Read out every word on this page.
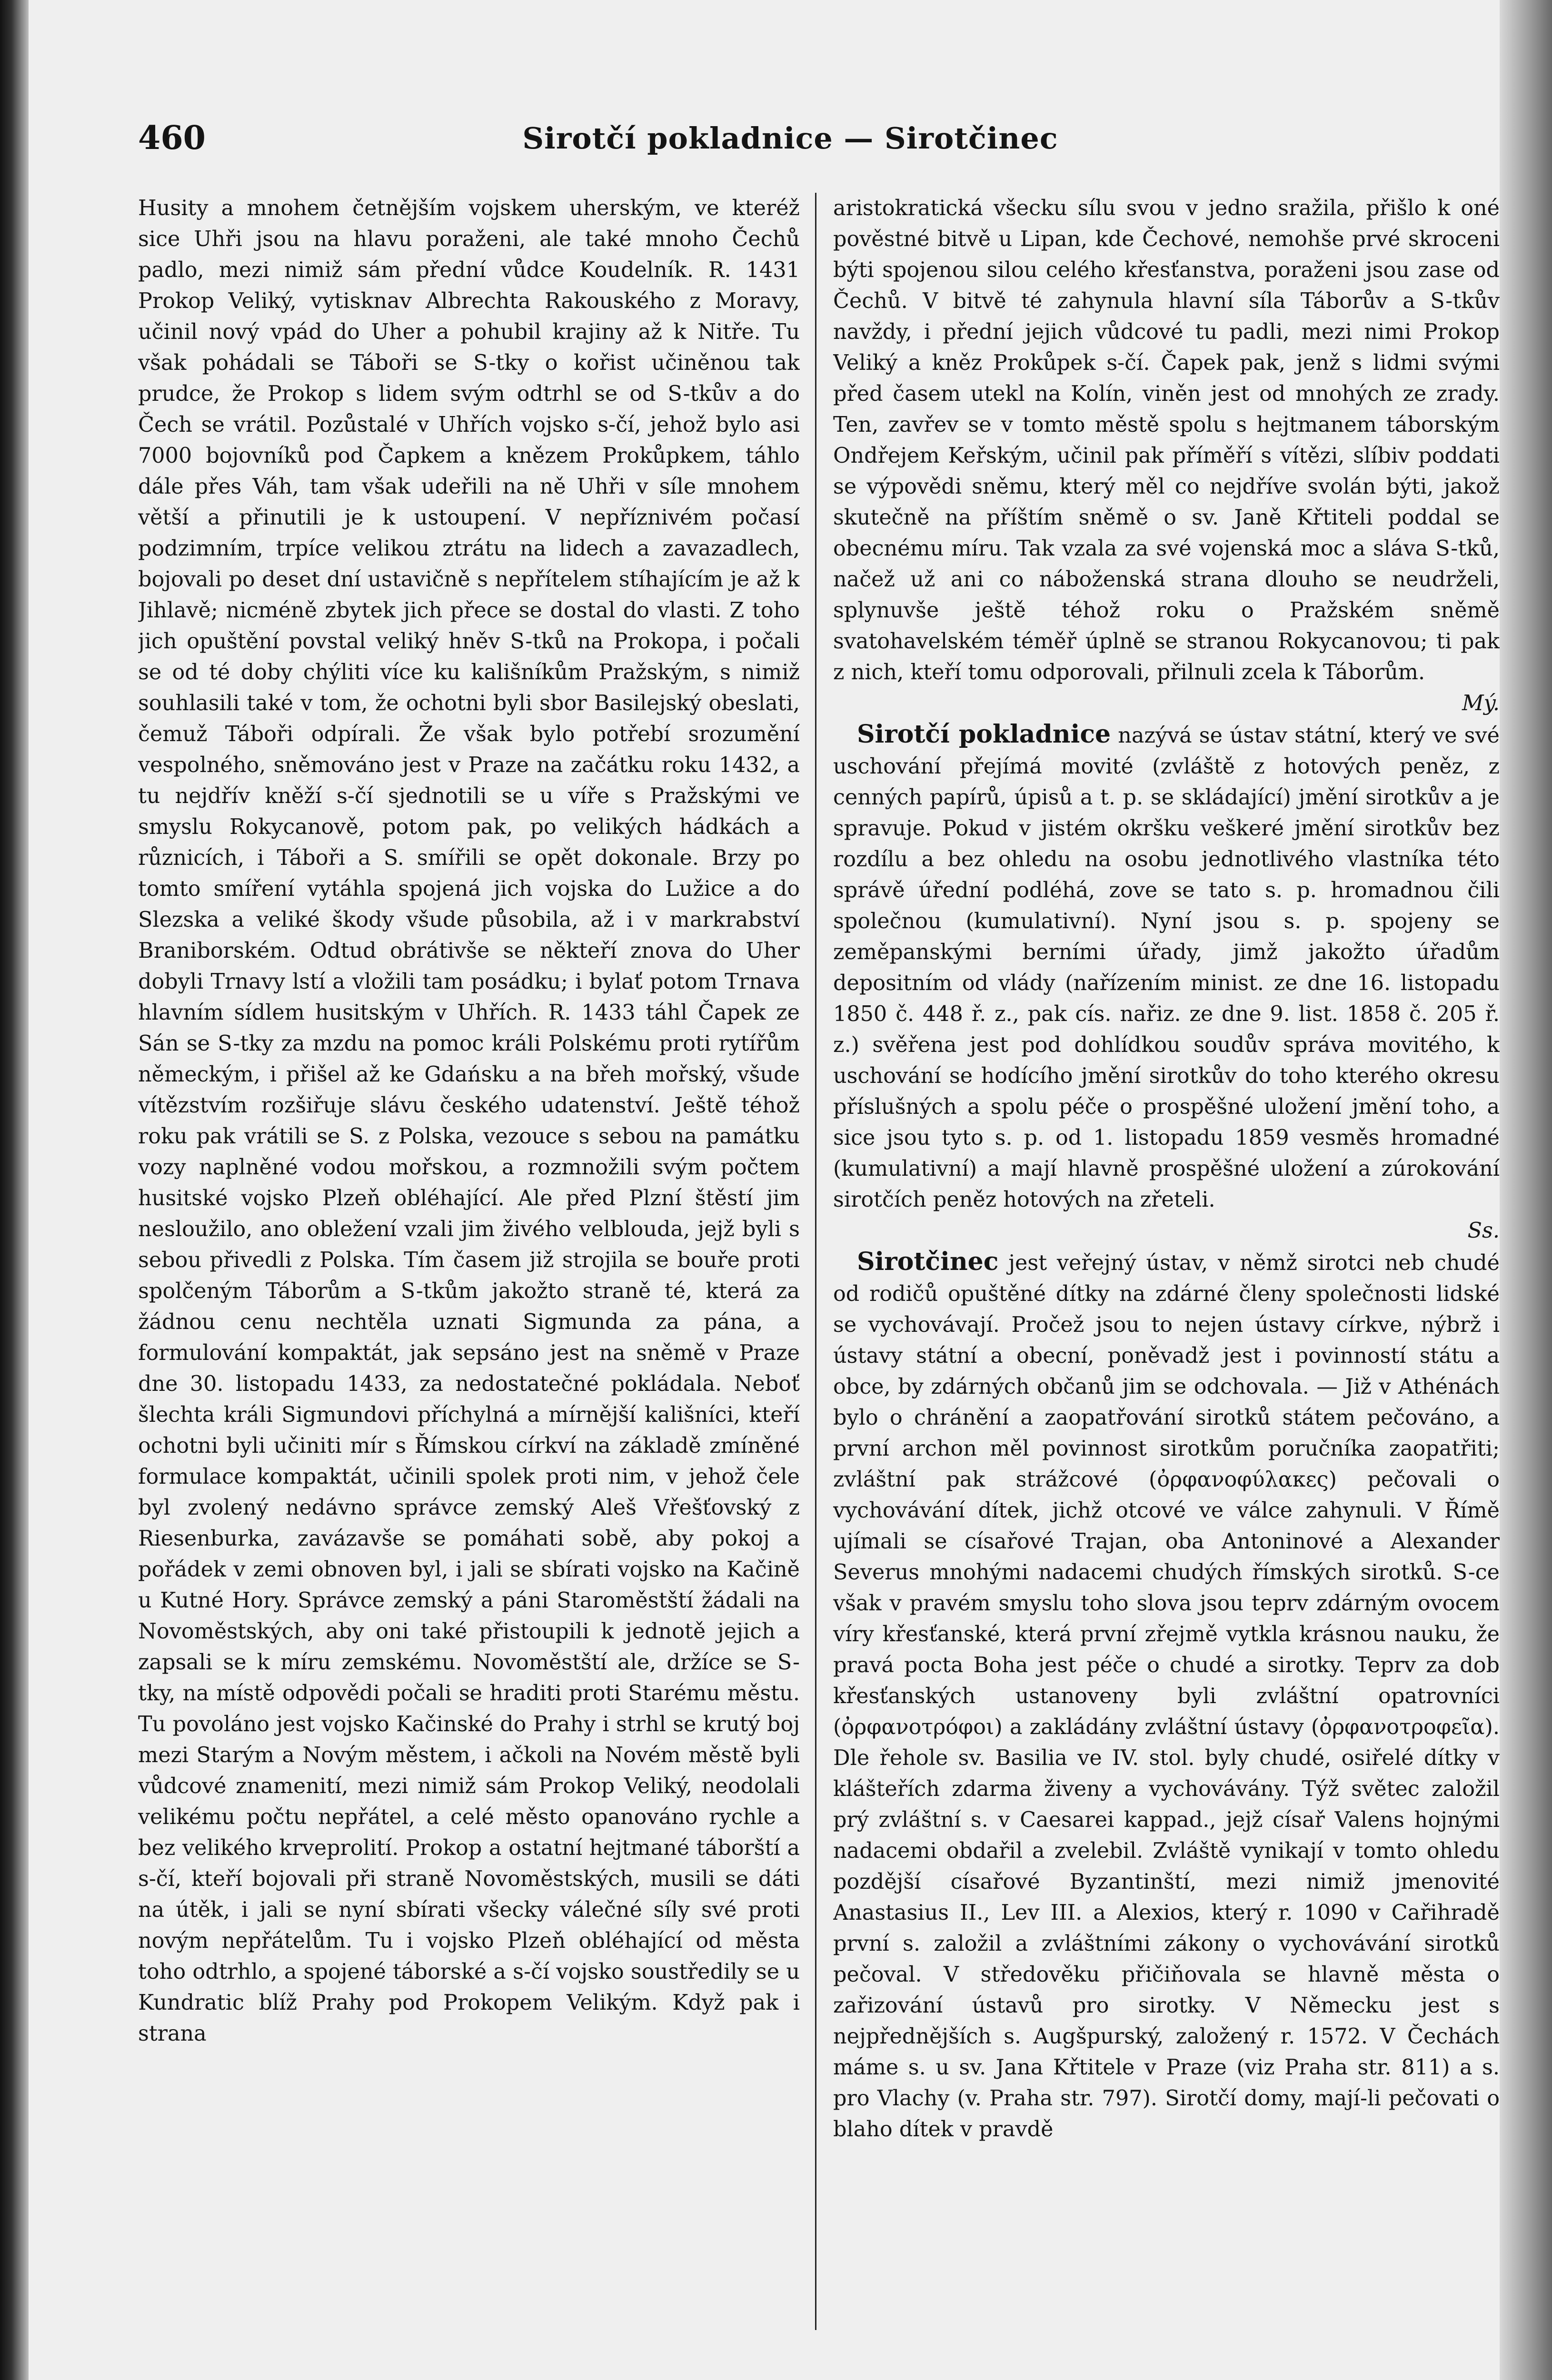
460	Sirotčí pokladnice — Sirotčinec

Husity a mnohem četnějším vojskem uherským, ve kteréž sice Uhři jsou na hlavu poraženi, ale také mnoho Čechů padlo, mezi nimiž sám přední vůdce Koudelník. R. 1431 Prokop Veliký, vytisknav Albrechta Rakouského z Moravy, učinil nový vpád do Uher a pohubil krajiny až k Nitře. Tu však pohádali se Táboři se S-tky o kořist učiněnou tak prudce, že Prokop s lidem svým odtrhl se od S-tkův a do Čech se vrátil. Pozůstalé v Uhřích vojsko s-čí, jehož bylo asi 7000 bojovníků pod Čapkem a knězem Prokůpkem, táhlo dále přes Váh, tam však udeřili na ně Uhři v síle mnohem větší a přinutili je k ustoupení. V nepříznivém počasí podzimním, trpíce velikou ztrátu na lidech a zavazadlech, bojovali po deset dní ustavičně s nepřítelem stíhajícím je až k Jihlavě; nicméně zbytek jich přece se dostal do vlasti. Z toho jich opuštění povstal veliký hněv S-tků na Prokopa, i počali se od té doby chýliti více ku kališníkům Pražským, s nimiž souhlasili také v tom, že ochotni byli sbor Basilejský obeslati, čemuž Táboři odpírali. Že však bylo potřebí srozumění vespolného, sněmováno jest v Praze na začátku roku 1432, a tu nejdřív kněží s-čí sjednotili se u víře s Pražskými ve smyslu Rokycanově, potom pak, po velikých hádkách a různicích, i Táboři a S. smířili se opět dokonale. Brzy po tomto smíření vytáhla spojená jich vojska do Lužice a do Slezska a veliké škody všude působila, až i v markrabství Braniborském. Odtud obrátivše se někteří znova do Uher dobyli Trnavy lstí a vložili tam posádku; i bylať potom Trnava hlavním sídlem husitským v Uhřích. R. 1433 táhl Čapek ze Sán se S-tky za mzdu na pomoc králi Polskému proti rytířům německým, i přišel až ke Gdańsku a na břeh mořský, všude vítězstvím rozšiřuje slávu českého udatenství. Ještě téhož roku pak vrátili se S. z Polska, vezouce s sebou na památku vozy naplněné vodou mořskou, a rozmnožili svým počtem husitské vojsko Plzeň obléhající. Ale před Plzní štěstí jim nesloužilo, ano obležení vzali jim živého velblouda, jejž byli s sebou přivedli z Polska. Tím časem již strojila se bouře proti spolčeným Táborům a S-tkům jakožto straně té, která za žádnou cenu nechtěla uznati Sigmunda za pána, a formulování kompaktát, jak sepsáno jest na sněmě v Praze dne 30. listopadu 1433, za nedostatečné pokládala. Neboť šlechta králi Sigmundovi příchylná a mírnější kališníci, kteří ochotni byli učiniti mír s Římskou církví na základě zmíněné formulace kompaktát, učinili spolek proti nim, v jehož čele byl zvolený nedávno správce zemský Aleš Vřešťovský z Riesenburka, zavázavše se pomáhati sobě, aby pokoj a pořádek v zemi obnoven byl, i jali se sbírati vojsko na Kačině u Kutné Hory. Správce zemský a páni Staroměstští žádali na Novoměstských, aby oni také přistoupili k jednotě jejich a zapsali se k míru zemskému. Novoměstští ale, držíce se S-tky, na místě odpovědi počali se hraditi proti Starému městu. Tu povoláno jest vojsko Kačinské do Prahy i strhl se krutý boj mezi Starým a Novým městem, i ačkoli na Novém městě byli vůdcové znamenití, mezi nimiž sám Prokop Veliký, neodolali velikému počtu nepřátel, a celé město opanováno rychle a bez velikého krveprolití. Prokop a ostatní hejtmané táborští a s-čí, kteří bojovali při straně Novoměstských, musili se dáti na útěk, i jali se nyní sbírati všecky válečné síly své proti novým nepřátelům. Tu i vojsko Plzeň obléhající od města toho odtrhlo, a spojené táborské a s-čí vojsko soustředily se u Kundratic blíž Prahy pod Prokopem Velikým. Když pak i strana

aristokratická všecku sílu svou v jedno sražila, přišlo k oné pověstné bitvě u Lipan, kde Čechové, nemohše prvé skroceni býti spojenou silou celého křesťanstva, poraženi jsou zase od Čechů. V bitvě té zahynula hlavní síla Táborův a S-tkův navždy, i přední jejich vůdcové tu padli, mezi nimi Prokop Veliký a kněz Prokůpek s-čí. Čapek pak, jenž s lidmi svými před časem utekl na Kolín, viněn jest od mnohých ze zrady. Ten, zavřev se v tomto městě spolu s hejtmanem táborským Ondřejem Keřským, učinil pak příměří s vítězi, slíbiv poddati se výpovědi sněmu, který měl co nejdříve svolán býti, jakož skutečně na příštím sněmě o sv. Janě Křtiteli poddal se obecnému míru. Tak vzala za své vojenská moc a sláva S-tků, načež už ani co náboženská strana dlouho se neudrželi, splynuvše ještě téhož roku o Pražském sněmě svatohavelském téměř úplně se stranou Rokycanovou; ti pak z nich, kteří tomu odporovali, přilnuli zcela k Táborům.

Mý.

Sirotčí pokladnice nazývá se ústav státní, který ve své uschování přejímá movité (zvláště z hotových peněz, z cenných papírů, úpisů a t. p. se skládající) jmění sirotkův a je spravuje. Pokud v jistém okršku veškeré jmění sirotkův bez rozdílu a bez ohledu na osobu jednotlivého vlastníka této správě úřední podléhá, zove se tato s. p. hromadnou čili společnou (kumulativní). Nyní jsou s. p. spojeny se zeměpanskými berními úřady, jimž jakožto úřadům depositním od vlády (nařízením minist. ze dne 16. listopadu 1850 č. 448 ř. z., pak cís. nařiz. ze dne 9. list. 1858 č. 205 ř. z.) svěřena jest pod dohlídkou soudův správa movitého, k uschování se hodícího jmění sirotkův do toho kterého okresu příslušných a spolu péče o prospěšné uložení jmění toho, a sice jsou tyto s. p. od 1. listopadu 1859 vesměs hromadné (kumulativní) a mají hlavně prospěšné uložení a zúrokování sirotčích peněz hotových na zřeteli.

Ss.

Sirotčinec jest veřejný ústav, v němž sirotci neb chudé od rodičů opuštěné dítky na zdárné členy společnosti lidské se vychovávají. Pročež jsou to nejen ústavy církve, nýbrž i ústavy státní a obecní, poněvadž jest i povinností státu a obce, by zdárných občanů jim se odchovala. — Již v Athénách bylo o chránění a zaopatřování sirotků státem pečováno, a první archon měl povinnost sirotkům poručníka zaopatřiti; zvláštní pak strážcové (ὀρφανοφύλακες) pečovali o vychovávání dítek, jichž otcové ve válce zahynuli. V Římě ujímali se císařové Trajan, oba Antoninové a Alexander Severus mnohými nadacemi chudých římských sirotků. S-ce však v pravém smyslu toho slova jsou teprv zdárným ovocem víry křesťanské, která první zřejmě vytkla krásnou nauku, že pravá pocta Boha jest péče o chudé a sirotky. Teprv za dob křesťanských ustanoveny byli zvláštní opatrovníci (ὀρφανοτρόφοι) a zakládány zvláštní ústavy (ὀρφανοτροφεῖα). Dle řehole sv. Basilia ve IV. stol. byly chudé, osiřelé dítky v klášteřích zdarma živeny a vychovávány. Týž světec založil prý zvláštní s. v Caesarei kappad., jejž císař Valens hojnými nadacemi obdařil a zvelebil. Zvláště vynikají v tomto ohledu pozdější císařové Byzantinští, mezi nimiž jmenovité Anastasius II., Lev III. a Alexios, který r. 1090 v Cařihradě první s. založil a zvláštními zákony o vychovávání sirotků pečoval. V středověku přičiňovala se hlavně města o zařizování ústavů pro sirotky. V Německu jest s nejpřednějších s. Augšpurský, založený r. 1572. V Čechách máme s. u sv. Jana Křtitele v Praze (viz Praha str. 811) a s. pro Vlachy (v. Praha str. 797). Sirotčí domy, mají-li pečovati o blaho dítek v pravdě
